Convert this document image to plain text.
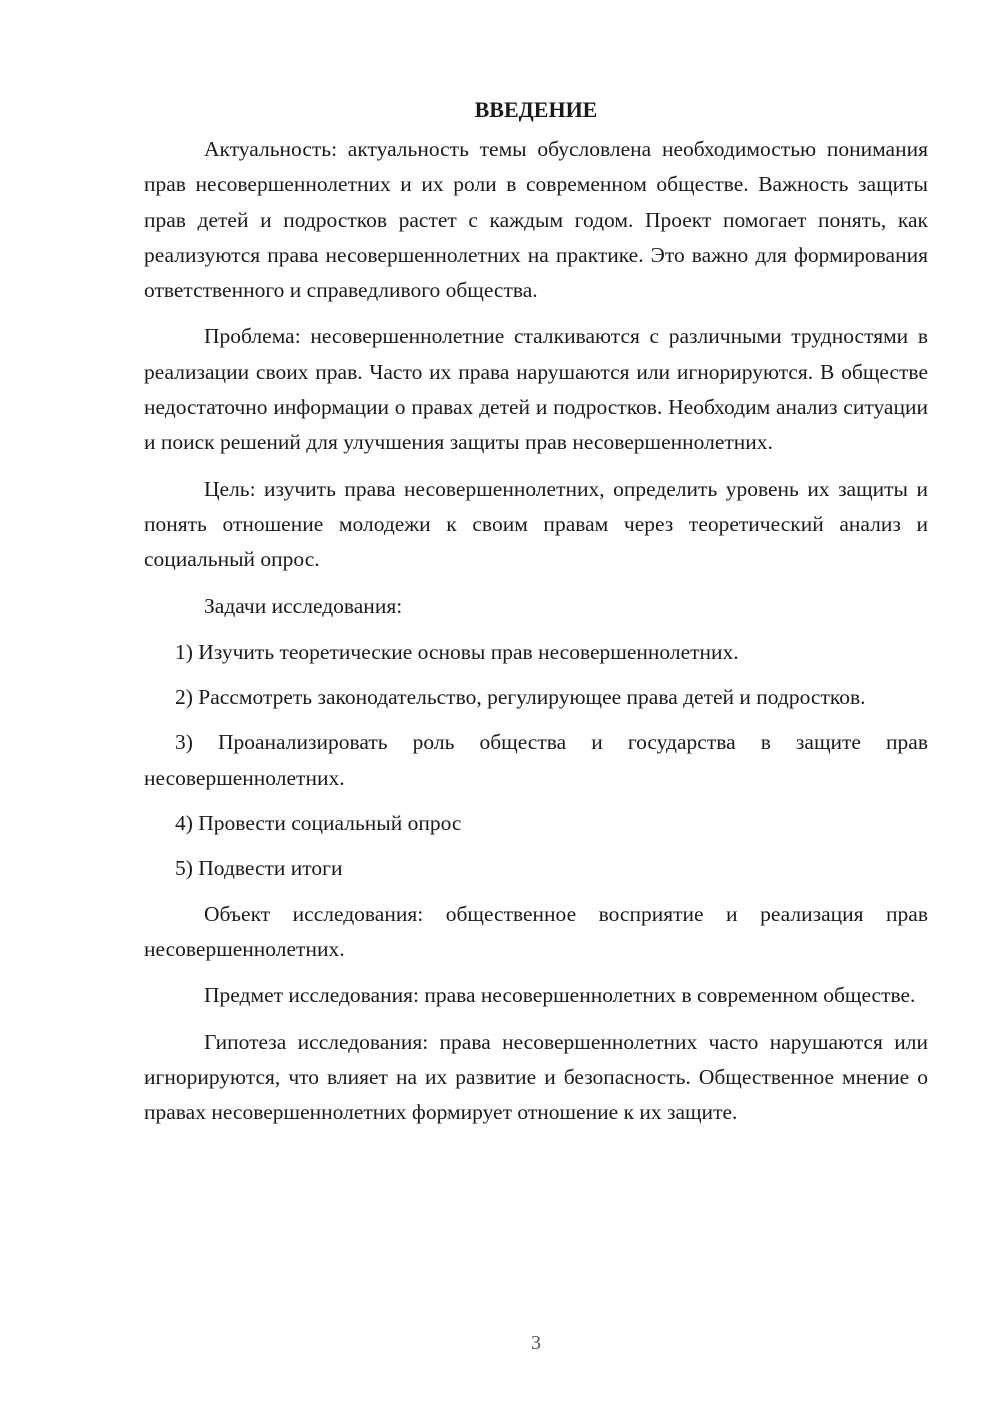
ВВЕДЕНИЕ

Актуальность: актуальность темы обусловлена необходимостью понимания прав несовершеннолетних и их роли в современном обществе. Важность защиты прав детей и подростков растет с каждым годом. Проект помогает понять, как реализуются права несовершеннолетних на практике. Это важно для формирования ответственного и справедливого общества.

Проблема: несовершеннолетние сталкиваются с различными трудностями в реализации своих прав. Часто их права нарушаются или игнорируются. В обществе недостаточно информации о правах детей и подростков. Необходим анализ ситуации и поиск решений для улучшения защиты прав несовершеннолетних.

Цель: изучить права несовершеннолетних, определить уровень их защиты и понять отношение молодежи к своим правам через теоретический анализ и социальный опрос.

Задачи исследования:

1) Изучить теоретические основы прав несовершеннолетних.

2) Рассмотреть законодательство, регулирующее права детей и подростков.

3) Проанализировать роль общества и государства в защите прав несовершеннолетних.

4) Провести социальный опрос

5) Подвести итоги

Объект исследования: общественное восприятие и реализация прав несовершеннолетних.

Предмет исследования: права несовершеннолетних в современном обществе.

Гипотеза исследования: права несовершеннолетних часто нарушаются или игнорируются, что влияет на их развитие и безопасность. Общественное мнение о правах несовершеннолетних формирует отношение к их защите.

3
